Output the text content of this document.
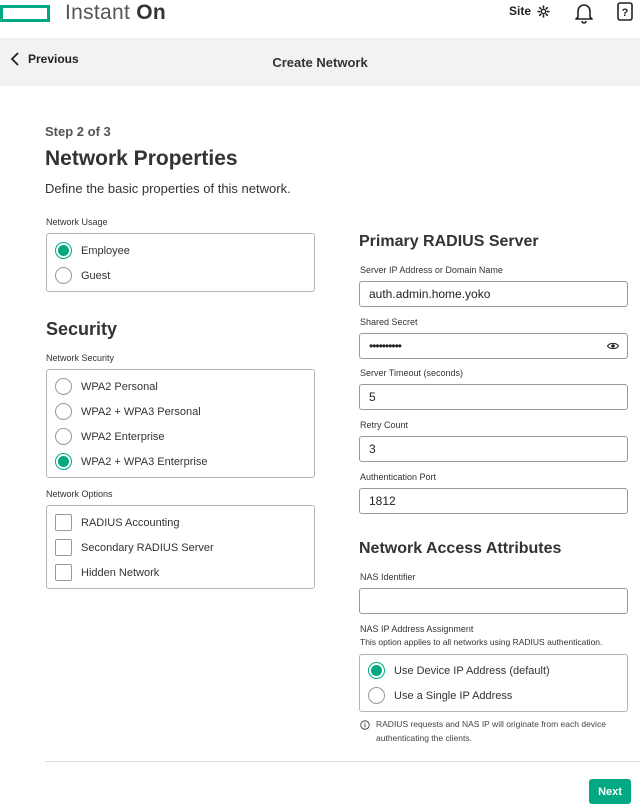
Instant On	Site	?
Create Network
Previous
Step 2 of 3
Network Properties
Define the basic properties of this network.
Network Usage
Employee
Guest
Security
Network Security
WPA2 Personal
WPA2 + WPA3 Personal
WPA2 Enterprise
WPA2 + WPA3 Enterprise
Network Options
RADIUS Accounting
Secondary RADIUS Server
Hidden Network
Primary RADIUS Server
Server IP Address or Domain Name
auth.admin.home.yoko
Shared Secret
••••••••••
Server Timeout (seconds)
5
Retry Count
3
Authentication Port
1812
Network Access Attributes
NAS Identifier
NAS IP Address Assignment
This option applies to all networks using RADIUS authentication.
Use Device IP Address (default)
Use a Single IP Address
RADIUS requests and NAS IP will originate from each device authenticating the clients.
Next
